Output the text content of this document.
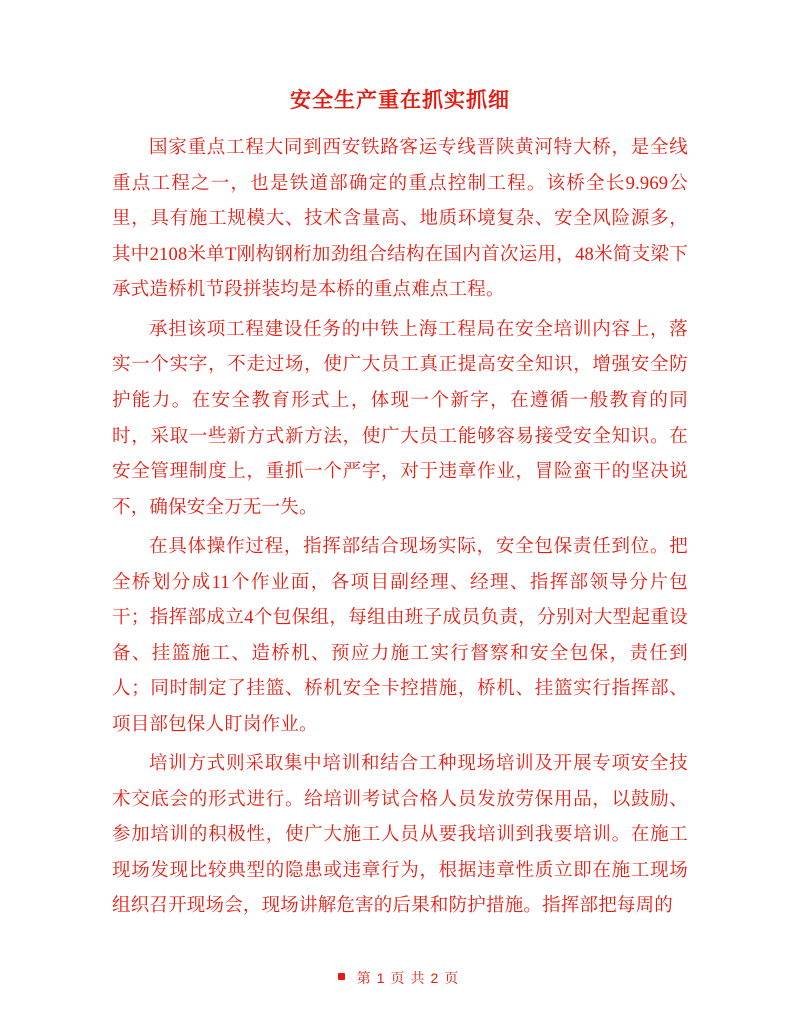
安全生产重在抓实抓细

国家重点工程大同到西安铁路客运专线晋陕黄河特大桥，是全线重点工程之一，也是铁道部确定的重点控制工程。该桥全长9.969公里，具有施工规模大、技术含量高、地质环境复杂、安全风险源多，其中2108米单T刚构钢桁加劲组合结构在国内首次运用，48米简支梁下承式造桥机节段拼装均是本桥的重点难点工程。

承担该项工程建设任务的中铁上海工程局在安全培训内容上，落实一个实字，不走过场，使广大员工真正提高安全知识，增强安全防护能力。在安全教育形式上，体现一个新字，在遵循一般教育的同时，采取一些新方式新方法，使广大员工能够容易接受安全知识。在安全管理制度上，重抓一个严字，对于违章作业，冒险蛮干的坚决说不，确保安全万无一失。

在具体操作过程，指挥部结合现场实际，安全包保责任到位。把全桥划分成11个作业面，各项目副经理、经理、指挥部领导分片包干；指挥部成立4个包保组，每组由班子成员负责，分别对大型起重设备、挂篮施工、造桥机、预应力施工实行督察和安全包保，责任到人；同时制定了挂篮、桥机安全卡控措施，桥机、挂篮实行指挥部、项目部包保人盯岗作业。

培训方式则采取集中培训和结合工种现场培训及开展专项安全技术交底会的形式进行。给培训考试合格人员发放劳保用品，以鼓励、参加培训的积极性，使广大施工人员从要我培训到我要培训。在施工现场发现比较典型的隐患或违章行为，根据违章性质立即在施工现场组织召开现场会，现场讲解危害的后果和防护措施。指挥部把每周的

第 1 页 共 2 页
